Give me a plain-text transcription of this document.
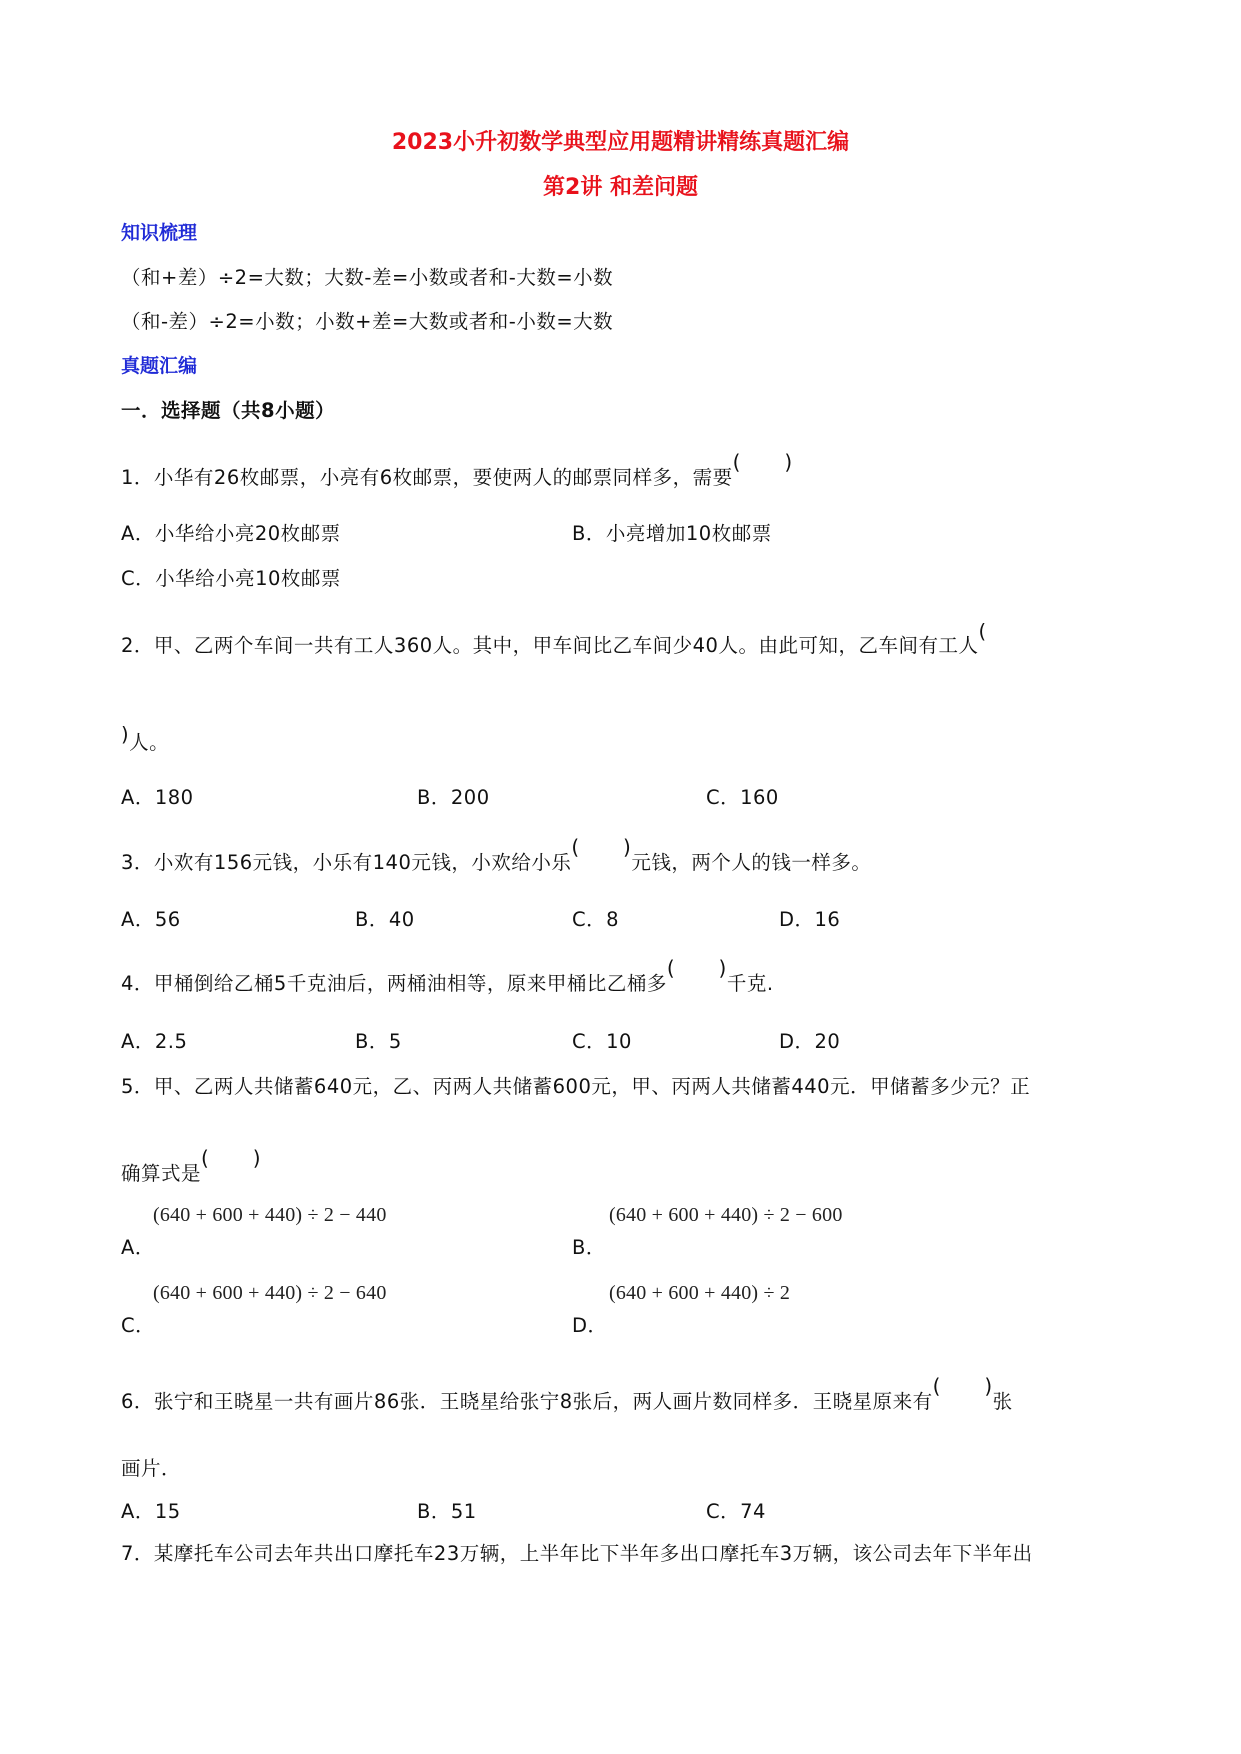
2023小升初数学典型应用题精讲精练真题汇编
第2讲 和差问题
知识梳理
（和+差）÷2=大数；大数-差=小数或者和-大数=小数
（和-差）÷2=小数；小数+差=大数或者和-小数=大数
真题汇编
一．选择题（共8小题）
1．小华有26枚邮票，小亮有6枚邮票，要使两人的邮票同样多，需要
( )
A．小华给小亮20枚邮票	B．小亮增加10枚邮票
C．小华给小亮10枚邮票
2．甲、乙两个车间一共有工人360人。其中，甲车间比乙车间少40人。由此可知，乙车间有工人(
)人。
A．180	B．200	C．160
3．小欢有156元钱，小乐有140元钱，小欢给小乐
( )
元钱，两个人的钱一样多。
A．56	B．40	C．8	D．16
4．甲桶倒给乙桶5千克油后，两桶油相等，原来甲桶比乙桶多
( )
千克.
A．2.5	B．5	C．10	D．20
5．甲、乙两人共储蓄640元，乙、丙两人共储蓄600元，甲、丙两人共储蓄440元．甲储蓄多少元？正
确算式是
( )
(640 + 600 + 440) ÷ 2 − 440
A．
(640 + 600 + 440) ÷ 2 − 600
B．
(640 + 600 + 440) ÷ 2 − 640
C．
(640 + 600 + 440) ÷ 2
D．
6．张宁和王晓星一共有画片86张．王晓星给张宁8张后，两人画片数同样多．王晓星原来有
( )
张
画片．
A．15	B．51	C．74
7．某摩托车公司去年共出口摩托车23万辆，上半年比下半年多出口摩托车3万辆，该公司去年下半年出
